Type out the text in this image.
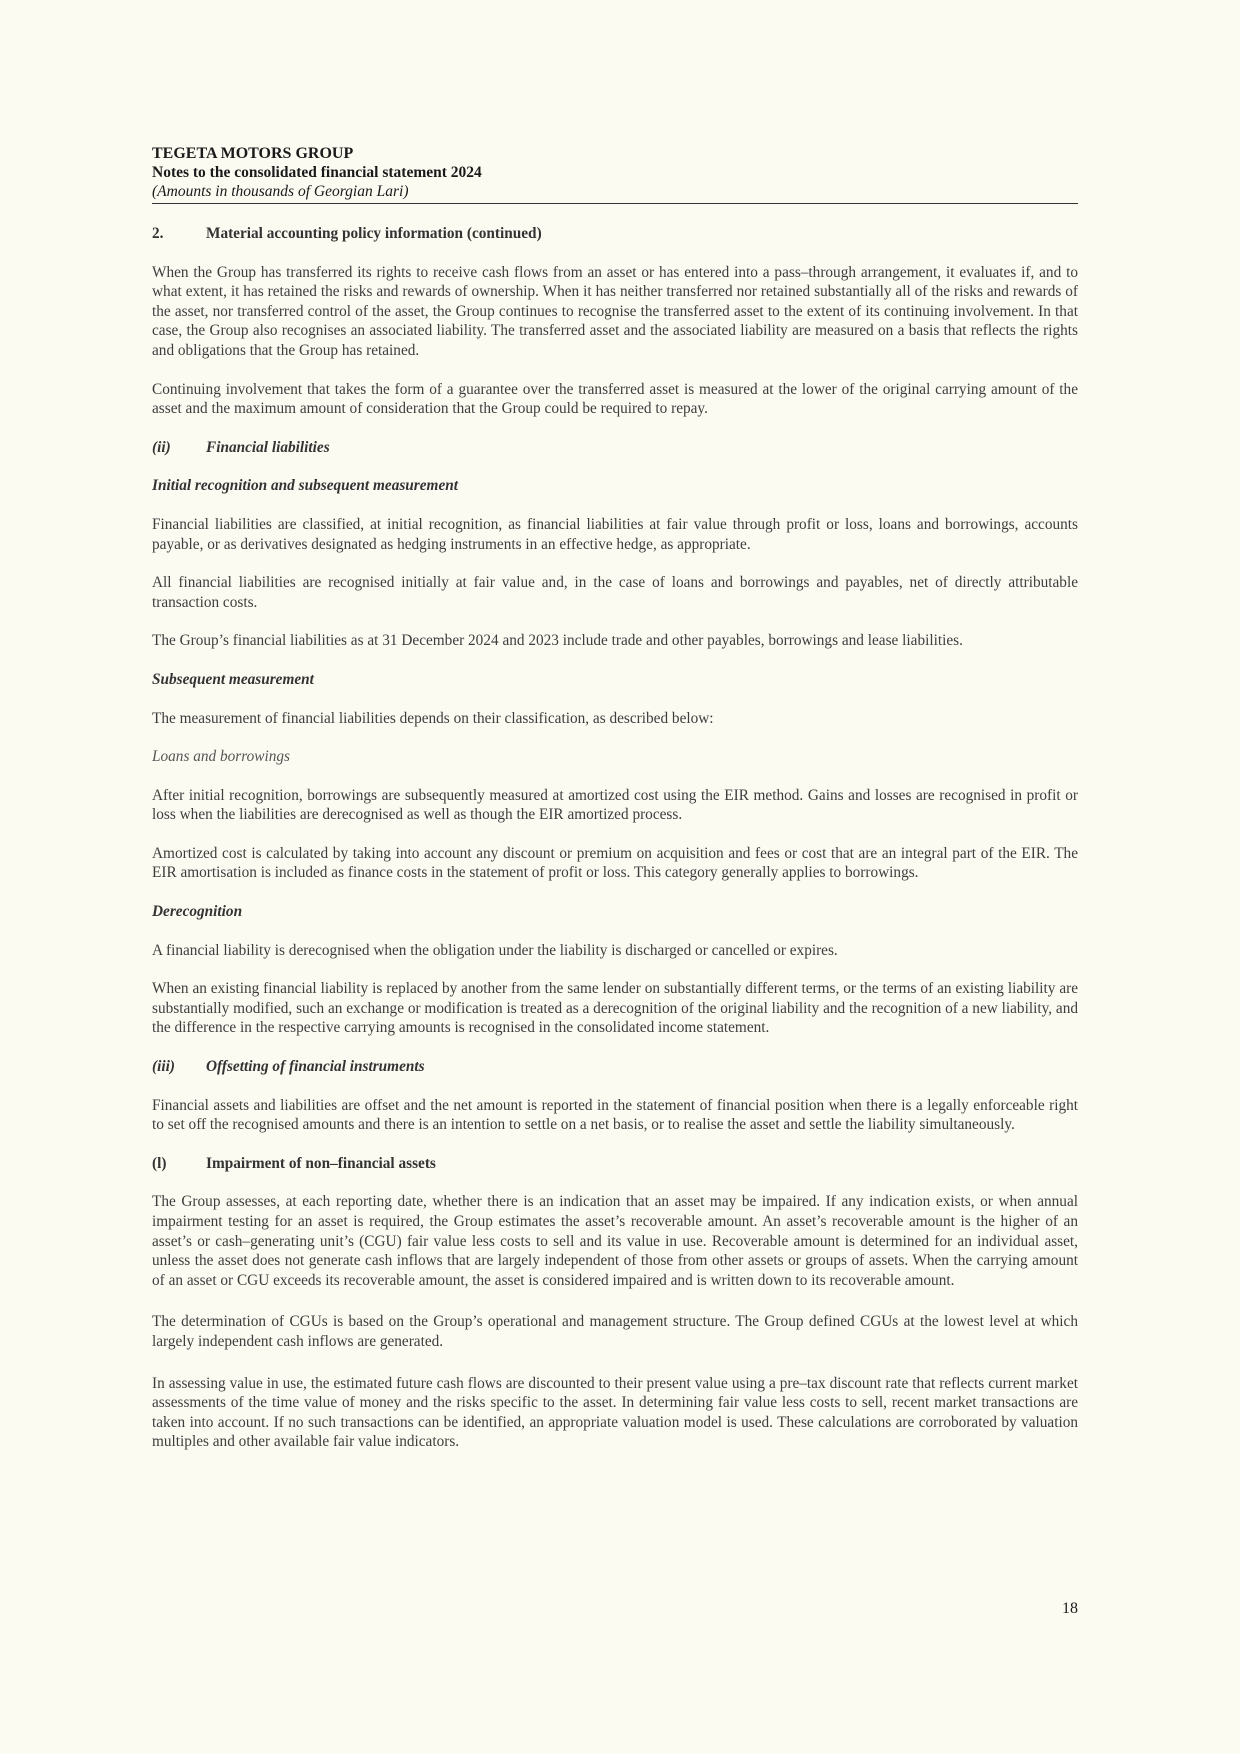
TEGETA MOTORS GROUP
Notes to the consolidated financial statement 2024
(Amounts in thousands of Georgian Lari)
2.	Material accounting policy information (continued)

When the Group has transferred its rights to receive cash flows from an asset or has entered into a pass–through arrangement, it evaluates if, and to what extent, it has retained the risks and rewards of ownership. When it has neither transferred nor retained substantially all of the risks and rewards of the asset, nor transferred control of the asset, the Group continues to recognise the transferred asset to the extent of its continuing involvement. In that case, the Group also recognises an associated liability. The transferred asset and the associated liability are measured on a basis that reflects the rights and obligations that the Group has retained.

Continuing involvement that takes the form of a guarantee over the transferred asset is measured at the lower of the original carrying amount of the asset and the maximum amount of consideration that the Group could be required to repay.

(ii) Financial liabilities
Initial recognition and subsequent measurement

Financial liabilities are classified, at initial recognition, as financial liabilities at fair value through profit or loss, loans and borrowings, accounts payable, or as derivatives designated as hedging instruments in an effective hedge, as appropriate.

All financial liabilities are recognised initially at fair value and, in the case of loans and borrowings and payables, net of directly attributable transaction costs.

The Group’s financial liabilities as at 31 December 2024 and 2023 include trade and other payables, borrowings and lease liabilities.

Subsequent measurement

The measurement of financial liabilities depends on their classification, as described below:

Loans and borrowings

After initial recognition, borrowings are subsequently measured at amortized cost using the EIR method. Gains and losses are recognised in profit or loss when the liabilities are derecognised as well as though the EIR amortized process.

Amortized cost is calculated by taking into account any discount or premium on acquisition and fees or cost that are an integral part of the EIR. The EIR amortisation is included as finance costs in the statement of profit or loss. This category generally applies to borrowings.

Derecognition

A financial liability is derecognised when the obligation under the liability is discharged or cancelled or expires.

When an existing financial liability is replaced by another from the same lender on substantially different terms, or the terms of an existing liability are substantially modified, such an exchange or modification is treated as a derecognition of the original liability and the recognition of a new liability, and the difference in the respective carrying amounts is recognised in the consolidated income statement.

(iii) Offsetting of financial instruments

Financial assets and liabilities are offset and the net amount is reported in the statement of financial position when there is a legally enforceable right to set off the recognised amounts and there is an intention to settle on a net basis, or to realise the asset and settle the liability simultaneously.

(l)	Impairment of non–financial assets

The Group assesses, at each reporting date, whether there is an indication that an asset may be impaired. If any indication exists, or when annual impairment testing for an asset is required, the Group estimates the asset’s recoverable amount. An asset’s recoverable amount is the higher of an asset’s or cash–generating unit’s (CGU) fair value less costs to sell and its value in use. Recoverable amount is determined for an individual asset, unless the asset does not generate cash inflows that are largely independent of those from other assets or groups of assets. When the carrying amount of an asset or CGU exceeds its recoverable amount, the asset is considered impaired and is written down to its recoverable amount.

The determination of CGUs is based on the Group’s operational and management structure. The Group defined CGUs at the lowest level at which largely independent cash inflows are generated.

In assessing value in use, the estimated future cash flows are discounted to their present value using a pre–tax discount rate that reflects current market assessments of the time value of money and the risks specific to the asset. In determining fair value less costs to sell, recent market transactions are taken into account. If no such transactions can be identified, an appropriate valuation model is used. These calculations are corroborated by valuation multiples and other available fair value indicators.

18
